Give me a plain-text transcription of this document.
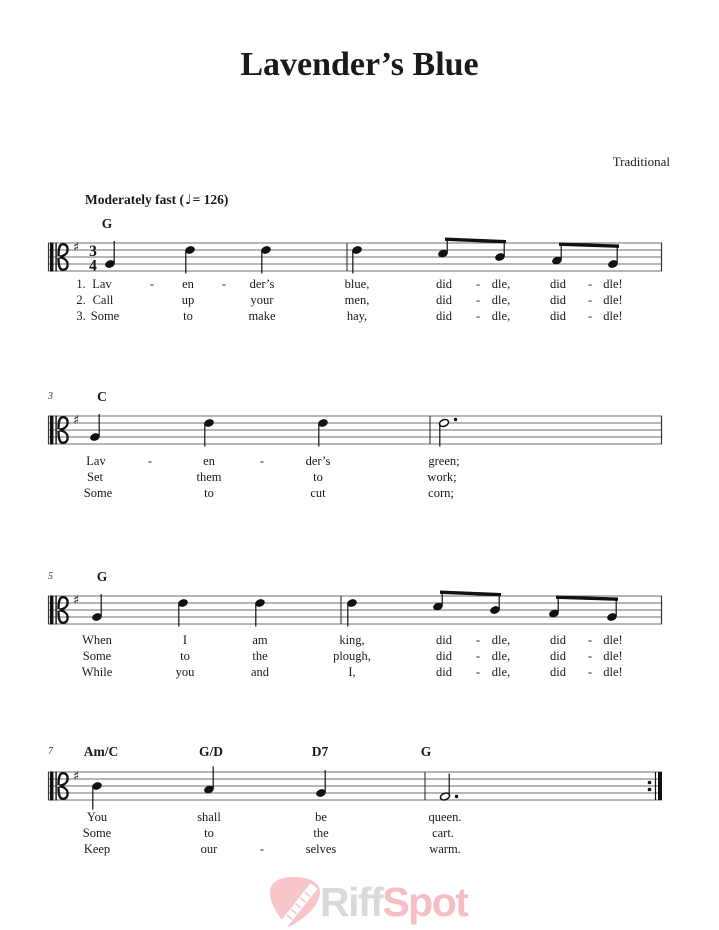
Lavender’s Blue
Traditional
Moderately fast (♩= 126)
♯ 3
4
♯
♯
♯
G
1. Lav	- en - der’s	blue,	did - dle,	did - dle!
2. Call	up	your	men,	did - dle,	did - dle!
3. Some	to	make	hay,	did - dle,	did - dle!
3	C
Lav	-	en	-	der’s	green;
Set	them	to	work;
Some	to	cut	corn;
5	G
When	I	am	king,	did - dle,	did - dle!
Some	to	the	plough,	did - dle,	did - dle!
While	you	and	I,	did - dle,	did - dle!
7 Am/C	G/D	D7	G
You	shall	be	queen.
Some	to	the	cart.
Keep	our	-	selves	warm.
RiffSpot
